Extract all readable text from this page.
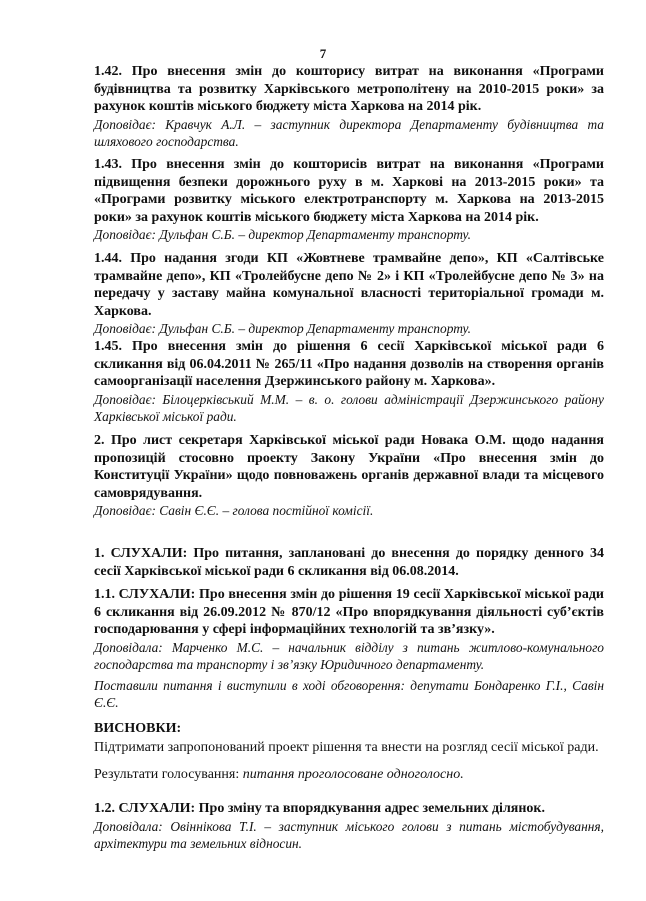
7

1.42. Про внесення змін до кошторису витрат на виконання «Програми будівництва та розвитку Харківського метрополітену на 2010-2015 роки» за рахунок коштів міського бюджету міста Харкова на 2014 рік.

Доповідає: Кравчук А.Л. – заступник директора Департаменту будівництва та шляхового господарства.

1.43. Про внесення змін до кошторисів витрат на виконання «Програми підвищення безпеки дорожнього руху в м. Харкові на 2013-2015 роки» та «Програми розвитку міського електротранспорту м. Харкова на 2013-2015 роки» за рахунок коштів міського бюджету міста Харкова на 2014 рік.

Доповідає: Дульфан С.Б. – директор Департаменту транспорту.

1.44. Про надання згоди КП «Жовтневе трамвайне депо», КП «Салтівське трамвайне депо», КП «Тролейбусне депо № 2» і КП «Тролейбусне депо № 3» на передачу у заставу майна комунальної власності територіальної громади м. Харкова.

Доповідає: Дульфан С.Б. – директор Департаменту транспорту.

1.45. Про внесення змін до рішення 6 сесії Харківської міської ради 6 скликання від 06.04.2011 № 265/11 «Про надання дозволів на створення органів самоорганізації населення Дзержинського району м. Харкова».

Доповідає: Білоцерківський М.М. – в. о. голови адміністрації Дзержинського району Харківської міської ради.

2. Про лист секретаря Харківської міської ради Новака О.М. щодо надання пропозицій стосовно проекту Закону України «Про внесення змін до Конституції України» щодо повноважень органів державної влади та місцевого самоврядування.

Доповідає: Савін Є.Є. – голова постійної комісії.

1. СЛУХАЛИ: Про питання, заплановані до внесення до порядку денного 34 сесії Харківської міської ради 6 скликання від 06.08.2014.

1.1. СЛУХАЛИ: Про внесення змін до рішення 19 сесії Харківської міської ради 6 скликання від 26.09.2012 № 870/12 «Про впорядкування діяльності суб’єктів господарювання у сфері інформаційних технологій та зв’язку».

Доповідала: Марченко М.С. – начальник відділу з питань житлово-комунального господарства та транспорту і зв’язку Юридичного департаменту.

Поставили питання і виступили в ході обговорення: депутати Бондаренко Г.І., Савін Є.Є.

ВИСНОВКИ:

Підтримати запропонований проект рішення та внести на розгляд сесії міської ради.

Результати голосування: питання проголосоване одноголосно.

1.2. СЛУХАЛИ: Про зміну та впорядкування адрес земельних ділянок.

Доповідала: Овіннікова Т.І. – заступник міського голови з питань містобудування, архітектури та земельних відносин.
